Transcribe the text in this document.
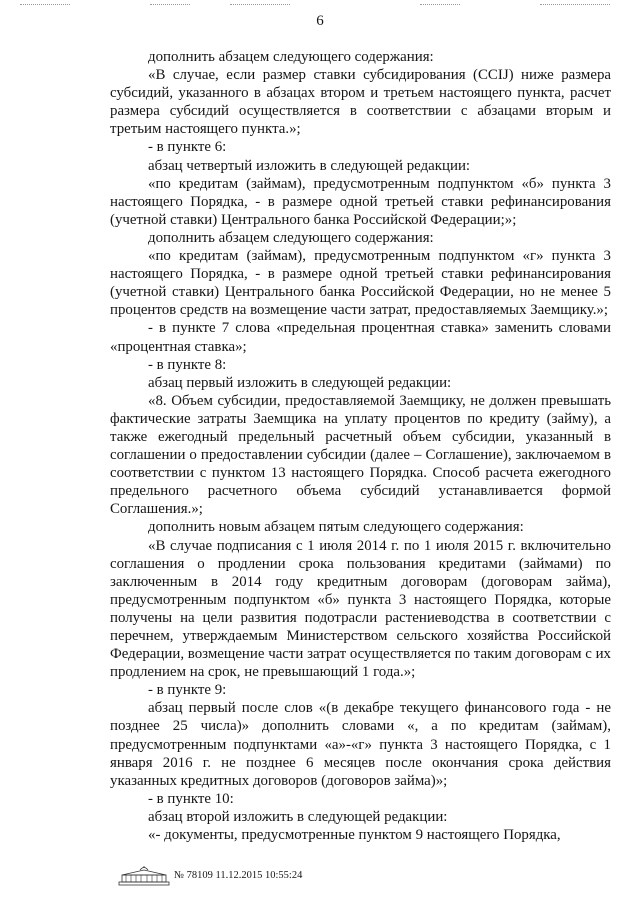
6

дополнить абзацем следующего содержания:

«В случае, если размер ставки субсидирования (ССIJ) ниже размера субсидий, указанного в абзацах втором и третьем настоящего пункта, расчет размера субсидий осуществляется в соответствии с абзацами вторым и третьим настоящего пункта.»;

- в пункте 6:

абзац четвертый изложить в следующей редакции:

«по кредитам (займам), предусмотренным подпунктом «б» пункта 3 настоящего Порядка, - в размере одной третьей ставки рефинансирования (учетной ставки) Центрального банка Российской Федерации;»;

дополнить абзацем следующего содержания:

«по кредитам (займам), предусмотренным подпунктом «г» пункта 3 настоящего Порядка, - в размере одной третьей ставки рефинансирования (учетной ставки) Центрального банка Российской Федерации, но не менее 5 процентов средств на возмещение части затрат, предоставляемых Заемщику.»;

- в пункте 7 слова «предельная процентная ставка» заменить словами «процентная ставка»;

- в пункте 8:

абзац первый изложить в следующей редакции:

«8. Объем субсидии, предоставляемой Заемщику, не должен превышать фактические затраты Заемщика на уплату процентов по кредиту (займу), а также ежегодный предельный расчетный объем субсидии, указанный в соглашении о предоставлении субсидии (далее – Соглашение), заключаемом в соответствии с пунктом 13 настоящего Порядка. Способ расчета ежегодного предельного расчетного объема субсидий устанавливается формой Соглашения.»;

дополнить новым абзацем пятым следующего содержания:

«В случае подписания с 1 июля 2014 г. по 1 июля 2015 г. включительно соглашения о продлении срока пользования кредитами (займами) по заключенным в 2014 году кредитным договорам (договорам займа), предусмотренным подпунктом «б» пункта 3 настоящего Порядка, которые получены на цели развития подотрасли растениеводства в соответствии с перечнем, утверждаемым Министерством сельского хозяйства Российской Федерации, возмещение части затрат осуществляется по таким договорам с их продлением на срок, не превышающий 1 года.»;

- в пункте 9:

абзац первый после слов «(в декабре текущего финансового года - не позднее 25 числа)» дополнить словами «, а по кредитам (займам), предусмотренным подпунктами «а»-«г» пункта 3 настоящего Порядка, с 1 января 2016 г. не позднее 6 месяцев после окончания срока действия указанных кредитных договоров (договоров займа)»;

- в пункте 10:

абзац второй изложить в следующей редакции:

«- документы, предусмотренные пунктом 9 настоящего Порядка,

№ 78109 11.12.2015 10:55:24
